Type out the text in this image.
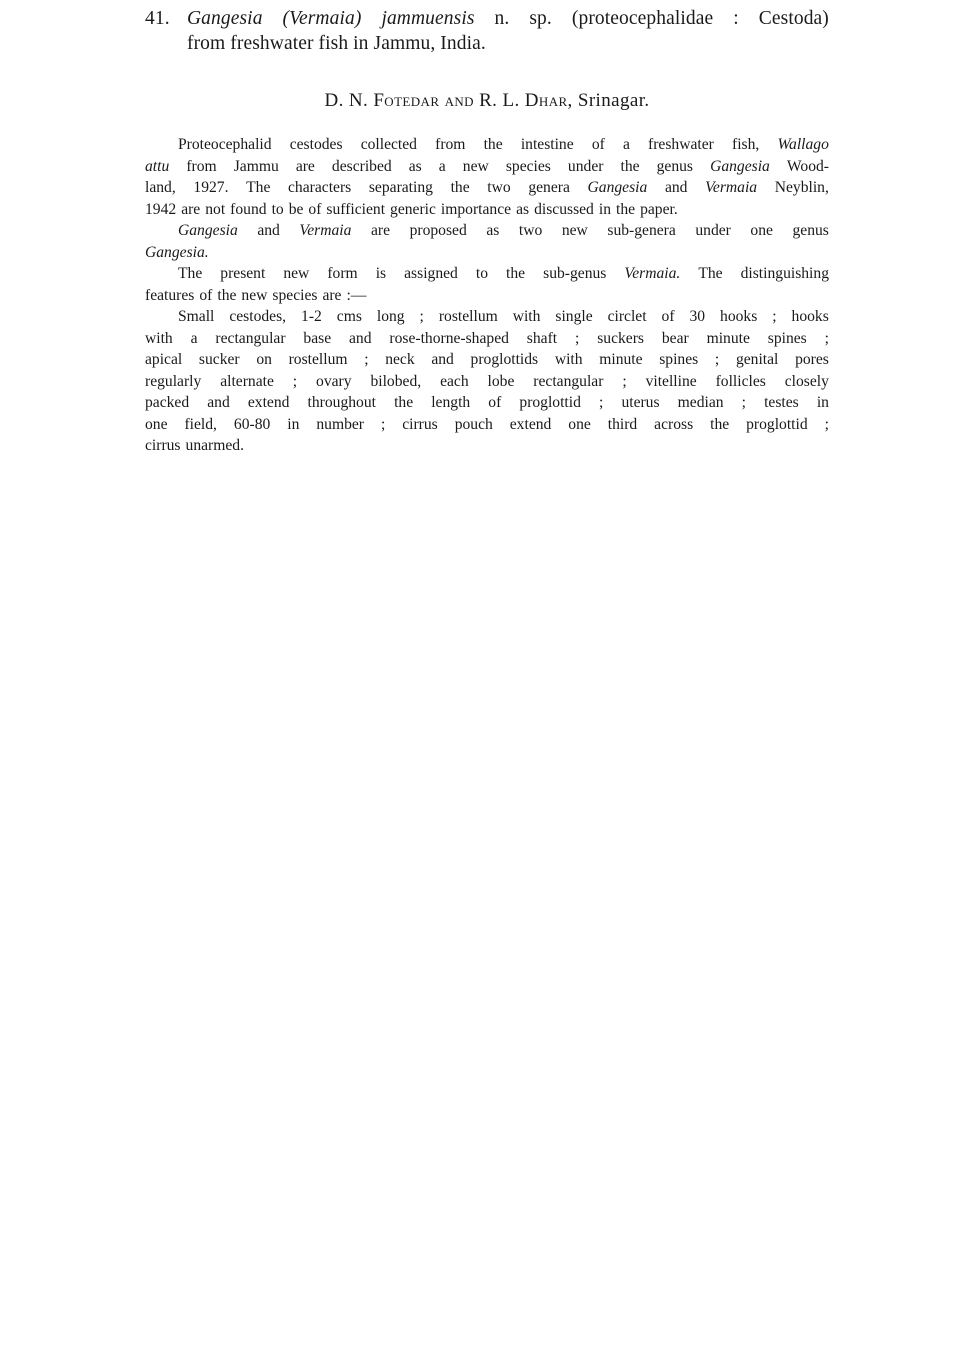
41. Gangesia (Vermaia) jammuensis n. sp. (proteocephalidae : Cestoda)
from freshwater fish in Jammu, India.
D. N. Fotedar and R. L. Dhar, Srinagar.
Proteocephalid cestodes collected from the intestine of a freshwater fish, Wallago
attu from Jammu are described as a new species under the genus Gangesia Wood-
land, 1927. The characters separating the two genera Gangesia and Vermaia Neyblin,
1942 are not found to be of sufficient generic importance as discussed in the paper.
Gangesia and Vermaia are proposed as two new sub-genera under one genus
Gangesia.
The present new form is assigned to the sub-genus Vermaia. The distinguishing
features of the new species are :—
Small cestodes, 1-2 cms long ; rostellum with single circlet of 30 hooks ; hooks
with a rectangular base and rose-thorne-shaped shaft ; suckers bear minute spines ;
apical sucker on rostellum ; neck and proglottids with minute spines ; genital pores
regularly alternate ; ovary bilobed, each lobe rectangular ; vitelline follicles closely
packed and extend throughout the length of proglottid ; uterus median ; testes in
one field, 60-80 in number ; cirrus pouch extend one third across the proglottid ;
cirrus unarmed.
